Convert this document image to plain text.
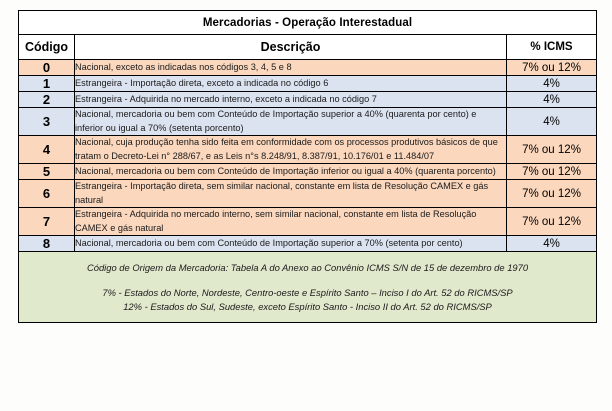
Mercadorias - Operação Interestadual		
Código	Descrição	% ICMS
0	Nacional, exceto as indicadas nos códigos 3, 4, 5 e 8	7% ou 12%
1	Estrangeira - Importação direta, exceto a indicada no código 6	4%
2	Estrangeira - Adquirida no mercado interno, exceto a indicada no código 7	4%
3	Nacional, mercadoria ou bem com Conteúdo de Importação superior a 40% (quarenta por cento) e inferior ou igual a 70% (setenta porcento)	4%
4	Nacional, cuja produção tenha sido feita em conformidade com os processos produtivos básicos de que tratam o Decreto-Lei n° 288/67, e as Leis n°s 8.248/91, 8.387/91, 10.176/01 e 11.484/07	7% ou 12%
5	Nacional, mercadoria ou bem com Conteúdo de Importação inferior ou igual a 40% (quarenta porcento)	7% ou 12%
6	Estrangeira - Importação direta, sem similar nacional, constante em lista de Resolução CAMEX e gás natural	7% ou 12%
7	Estrangeira - Adquirida no mercado interno, sem similar nacional, constante em lista de Resolução CAMEX e gás natural	7% ou 12%
8	Nacional, mercadoria ou bem com Conteúdo de Importação superior a 70% (setenta por cento)	4%

Código de Origem da Mercadoria: Tabela A do Anexo ao Convênio ICMS S/N de 15 de dezembro de 1970
7% - Estados do Norte, Nordeste, Centro-oeste e Espírito Santo – Inciso I do Art. 52 do RICMS/SP
12% - Estados do Sul, Sudeste, exceto Espírito Santo - Inciso II do Art. 52 do RICMS/SP		
